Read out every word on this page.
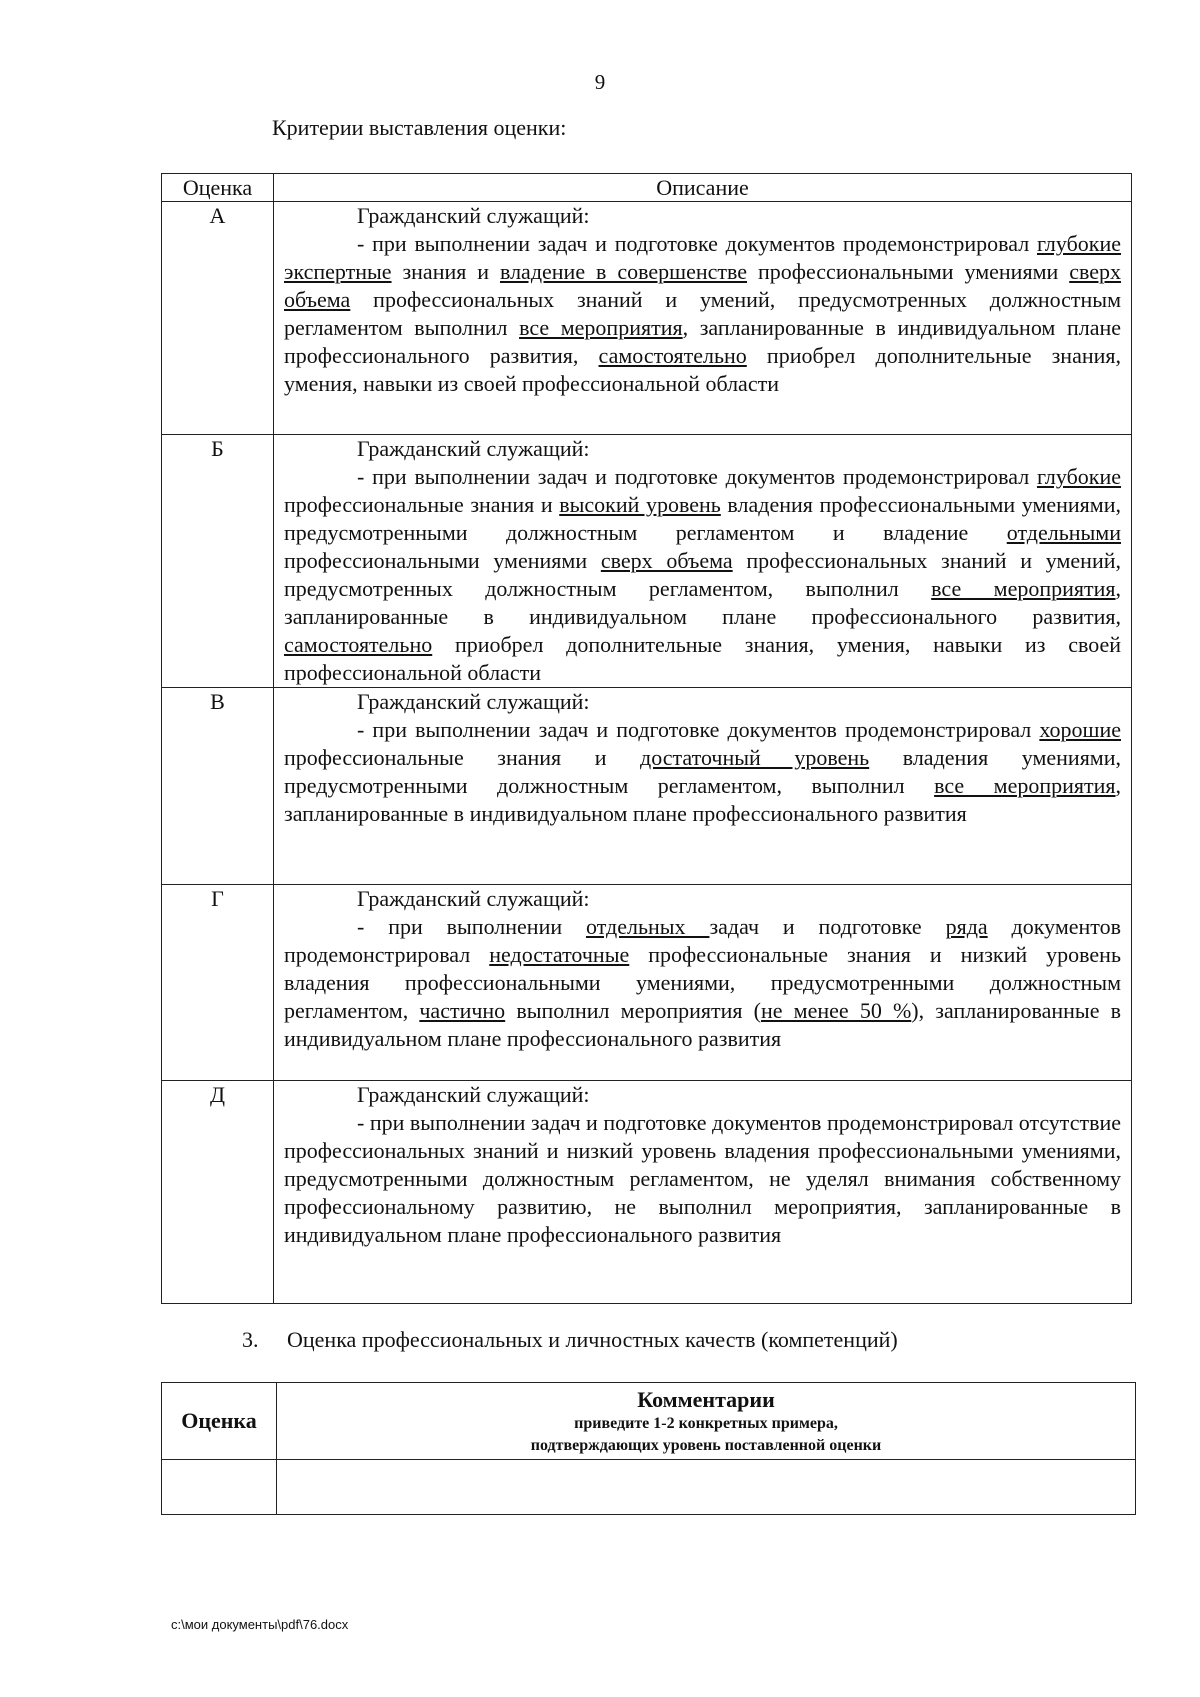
9
Критерии выставления оценки:
Оценка	Описание
А	Гражданский служащий:
- при выполнении задач и подготовке документов продемонстрировал глубокие экспертные знания и владение в совершенстве профессиональными умениями сверх объема профессиональных знаний и умений, предусмотренных должностным регламентом выполнил все мероприятия, запланированные в индивидуальном плане профессионального развития, самостоятельно приобрел дополнительные знания, умения, навыки из своей профессиональной области

Б	Гражданский служащий:
- при выполнении задач и подготовке документов продемонстрировал глубокие профессиональные знания и высокий уровень владения профессиональными умениями, предусмотренными должностным регламентом и владение отдельными профессиональными умениями сверх объема профессиональных знаний и умений, предусмотренных должностным регламентом, выполнил все мероприятия, запланированные в индивидуальном плане профессионального развития, самостоятельно приобрел дополнительные знания, умения, навыки из своей профессиональной области

В	Гражданский служащий:
- при выполнении задач и подготовке документов продемонстрировал хорошие профессиональные знания и достаточный уровень владения умениями, предусмотренными должностным регламентом, выполнил все мероприятия, запланированные в индивидуальном плане профессионального развития

Г	Гражданский служащий:
- при выполнении отдельных задач и подготовке ряда документов продемонстрировал недостаточные профессиональные знания и низкий уровень владения профессиональными умениями, предусмотренными должностным регламентом, частично выполнил мероприятия (не менее 50 %), запланированные в индивидуальном плане профессионального развития

Д	Гражданский служащий:
- при выполнении задач и подготовке документов продемонстрировал отсутствие профессиональных знаний и низкий уровень владения профессиональными умениями, предусмотренными должностным регламентом, не уделял внимания собственному профессиональному развитию, не выполнил мероприятия, запланированные в индивидуальном плане профессионального развития
3. Оценка профессиональных и личностных качеств (компетенций)
Оценка	Комментарии
приведите 1-2 конкретных примера,
подтверждающих уровень поставленной оценки

c:\мои документы\pdf\76.docx
